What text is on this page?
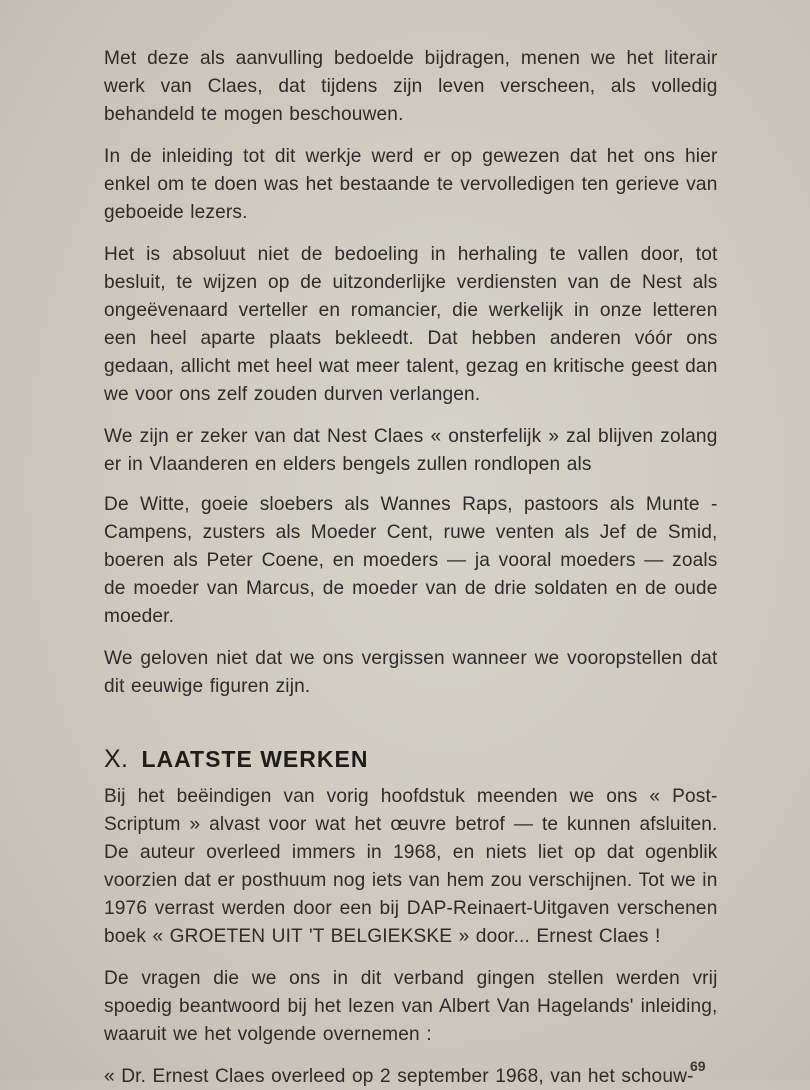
Met deze als aanvulling bedoelde bijdragen, menen we het literair werk van Claes, dat tijdens zijn leven verscheen, als volledig behandeld te mogen beschouwen.

In de inleiding tot dit werkje werd er op gewezen dat het ons hier enkel om te doen was het bestaande te vervolledigen ten gerieve van geboeide lezers.

Het is absoluut niet de bedoeling in herhaling te vallen door, tot besluit, te wijzen op de uitzonderlijke verdiensten van de Nest als ongeëvenaard verteller en romancier, die werkelijk in onze letteren een heel aparte plaats bekleedt. Dat hebben anderen vóór ons gedaan, allicht met heel wat meer talent, gezag en kritische geest dan we voor ons zelf zouden durven verlangen.

We zijn er zeker van dat Nest Claes « onsterfelijk » zal blijven zolang er in Vlaanderen en elders bengels zullen rondlopen als

De Witte, goeie sloebers als Wannes Raps, pastoors als Munte - Campens, zusters als Moeder Cent, ruwe venten als Jef de Smid, boeren als Peter Coene, en moeders — ja vooral moeders — zoals de moeder van Marcus, de moeder van de drie soldaten en de oude moeder.

We geloven niet dat we ons vergissen wanneer we vooropstellen dat dit eeuwige figuren zijn.

X. LAATSTE WERKEN

Bij het beëindigen van vorig hoofdstuk meenden we ons « Post-Scriptum » alvast voor wat het œuvre betrof — te kunnen afsluiten. De auteur overleed immers in 1968, en niets liet op dat ogenblik voorzien dat er posthuum nog iets van hem zou verschijnen. Tot we in 1976 verrast werden door een bij DAP-Reinaert-Uitgaven verschenen boek « GROETEN UIT 'T BELGIEKSKE » door... Ernest Claes !

De vragen die we ons in dit verband gingen stellen werden vrij spoedig beantwoord bij het lezen van Albert Van Hagelands' inleiding, waaruit we het volgende overnemen :

« Dr. Ernest Claes overleed op 2 september 1968, van het schouw-

69
